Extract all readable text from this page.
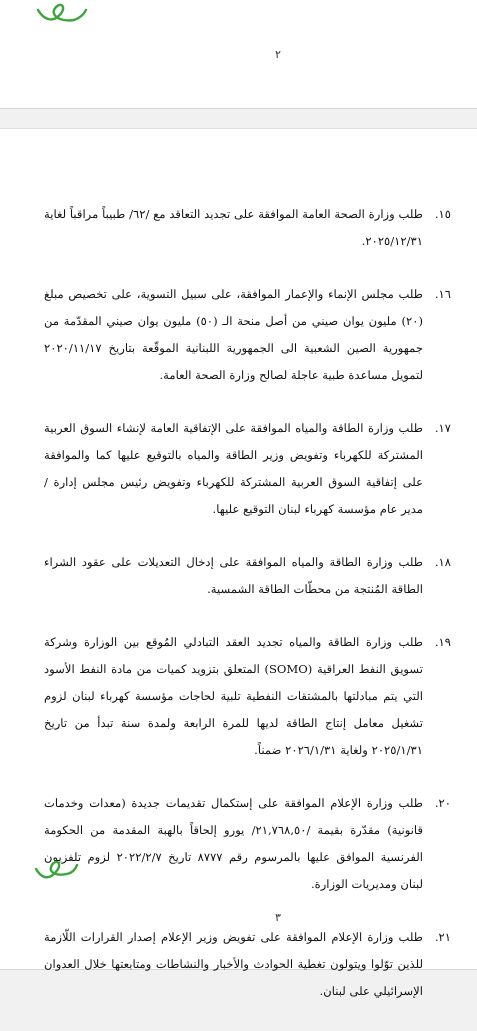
٢
١٥.
طلب وزارة الصحة العامة الموافقة على تجديد التعاقد مع /٦٢/ طبيباً مراقباً لغاية ٢٠٢٥/١٢/٣١.
١٦.
طلب مجلس الإنماء والإعمار الموافقة، على سبيل التسوية، على تخصيص مبلغ (٢٠) مليون يوان صيني من أصل منحة الـ (٥٠) مليون يوان صيني المقدّمة من جمهورية الصين الشعبية الى الجمهورية اللبنانية الموقّعة بتاريخ ٢٠٢٠/١١/١٧ لتمويل مساعدة طبية عاجلة لصالح وزارة الصحة العامة.
١٧.
طلب وزارة الطاقة والمياه الموافقة على الإتفاقية العامة لإنشاء السوق العربية المشتركة للكهرباء وتفويض وزير الطاقة والمياه بالتوقيع عليها كما والموافقة على إتفاقية السوق العربية المشتركة للكهرباء وتفويض رئيس مجلس إدارة /مدير عام مؤسسة كهرباء لبنان التوقيع عليها.
١٨.
طلب وزارة الطاقة والمياه الموافقة على إدخال التعديلات على عقود الشراء الطاقة المُنتجة من محطّات الطاقة الشمسية.
١٩.
طلب وزارة الطاقة والمياه تجديد العقد التبادلي المُوقع بين الوزارة وشركة تسويق النفط العراقية (SOMO) المتعلق بتزويد كميات من مادة النفط الأسود التي يتم مبادلتها بالمشتقات النفطية تلبية لحاجات مؤسسة كهرباء لبنان لزوم تشغيل معامل إنتاج الطاقة لديها للمرة الرابعة ولمدة سنة تبدأ من تاريخ ٢٠٢٥/١/٣١ ولغاية ٢٠٢٦/١/٣١ ضمناً.
٢٠.
طلب وزارة الإعلام الموافقة على إستكمال تقديمات جديدة (معدات وخدمات قانونية) مقدّرة بقيمة /٢١,٧٦٨,٥٠/ يورو إلحاقاً بالهبة المقدمة من الحكومة الفرنسية الموافق عليها بالمرسوم رقم ٨٧٧٧ تاريخ ٢٠٢٢/٢/٧ لزوم تلفزيون لبنان ومديريات الوزارة.
٢١.
طلب وزارة الإعلام الموافقة على تفويض وزير الإعلام إصدار القرارات اللّازمة للذين توّلوا ويتولون تغطية الحوادث والأخبار والنشاطات ومتابعتها خلال العدوان الإسرائيلي على لبنان.
٣
